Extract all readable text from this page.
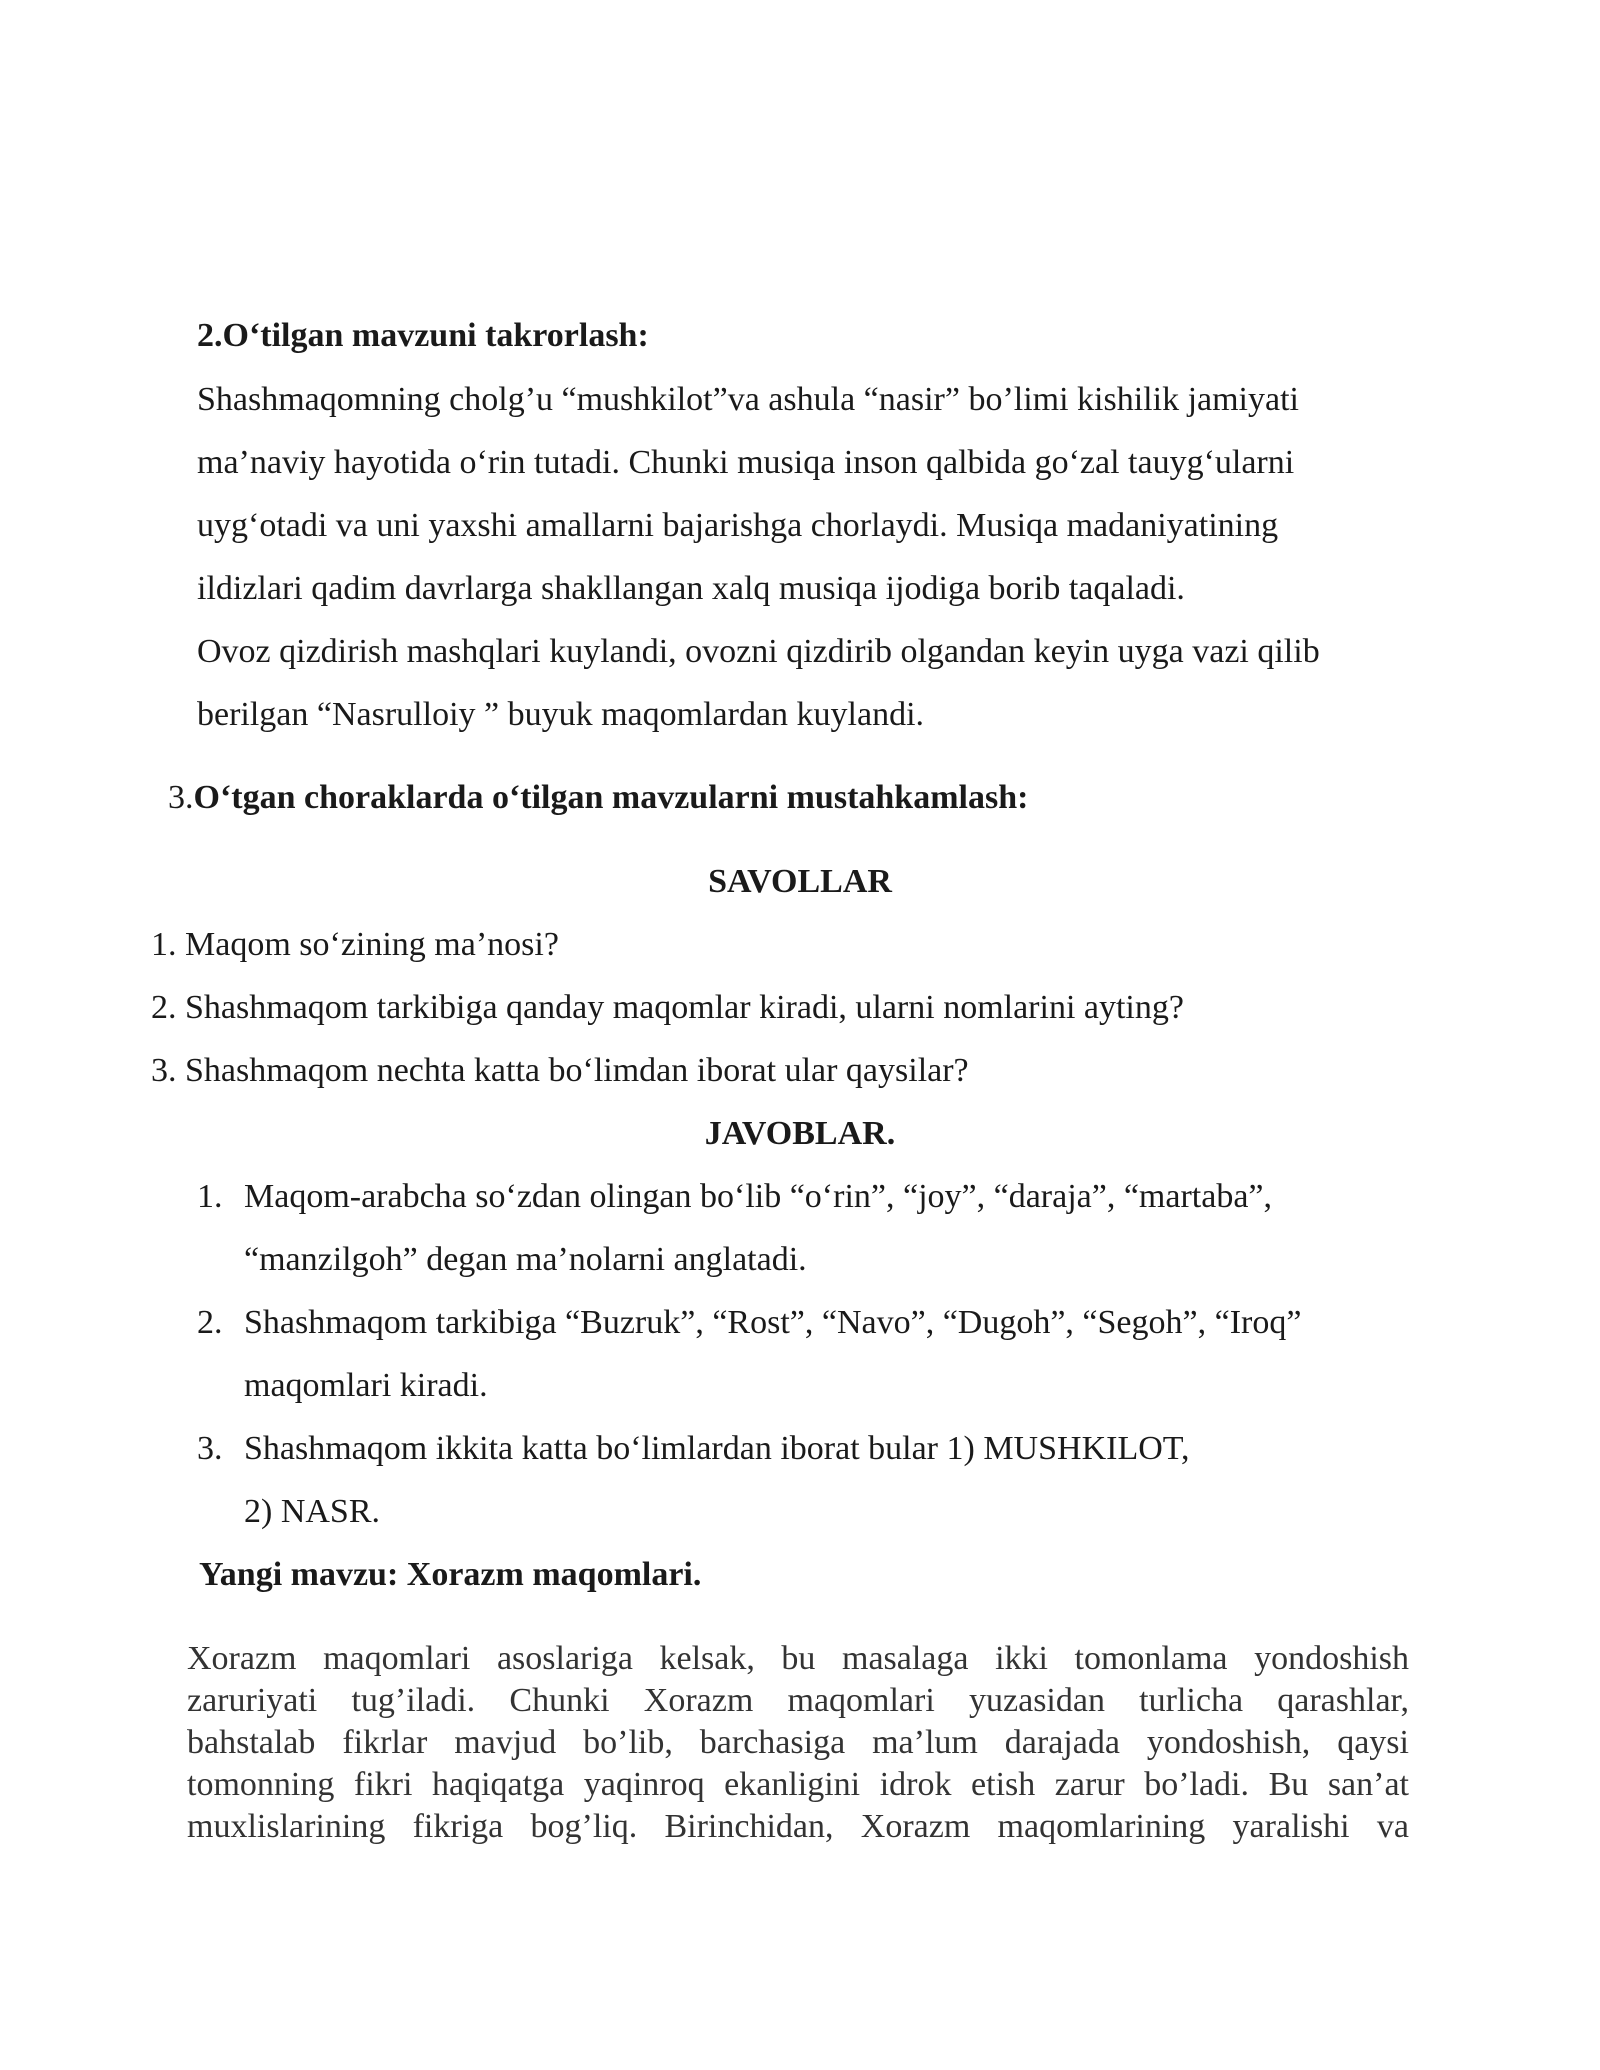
2.O‘tilgan mavzuni takrorlash:
Shashmaqomning cholg’u “mushkilot”va ashula “nasir” bo’limi kishilik jamiyati
ma’naviy hayotida o‘rin tutadi. Chunki musiqa inson qalbida go‘zal tauyg‘ularni
uyg‘otadi va uni yaxshi amallarni bajarishga chorlaydi. Musiqa madaniyatining
ildizlari qadim davrlarga shakllangan xalq musiqa ijodiga borib taqaladi.
Ovoz qizdirish mashqlari kuylandi, ovozni qizdirib olgandan keyin uyga vazi qilib
berilgan “Nasrulloiy ” buyuk maqomlardan kuylandi.
3.O‘tgan choraklarda o‘tilgan mavzularni mustahkamlash:
SAVOLLAR
1. Maqom so‘zining ma’nosi?
2. Shashmaqom tarkibiga qanday maqomlar kiradi, ularni nomlarini ayting?
3. Shashmaqom nechta katta bo‘limdan iborat ular qaysilar?
JAVOBLAR.
1. Maqom-arabcha so‘zdan olingan bo‘lib “o‘rin”, “joy”, “daraja”, “martaba”,
“manzilgoh” degan ma’nolarni anglatadi.
2. Shashmaqom tarkibiga “Buzruk”, “Rost”, “Navo”, “Dugoh”, “Segoh”, “Iroq”
maqomlari kiradi.
3. Shashmaqom ikkita katta bo‘limlardan iborat bular 1) MUSHKILOT,
2) NASR.
Yangi mavzu: Xorazm maqomlari.
Xorazm maqomlari asoslariga kelsak, bu masalaga ikki tomonlama yondoshish
zaruriyati tug’iladi. Chunki Xorazm maqomlari yuzasidan turlicha qarashlar,
bahstalab fikrlar mavjud bo’lib, barchasiga ma’lum darajada yondoshish, qaysi
tomonning fikri haqiqatga yaqinroq ekanligini idrok etish zarur bo’ladi. Bu san’at
muxlislarining fikriga bog’liq. Birinchidan, Xorazm maqomlarining yaralishi va
